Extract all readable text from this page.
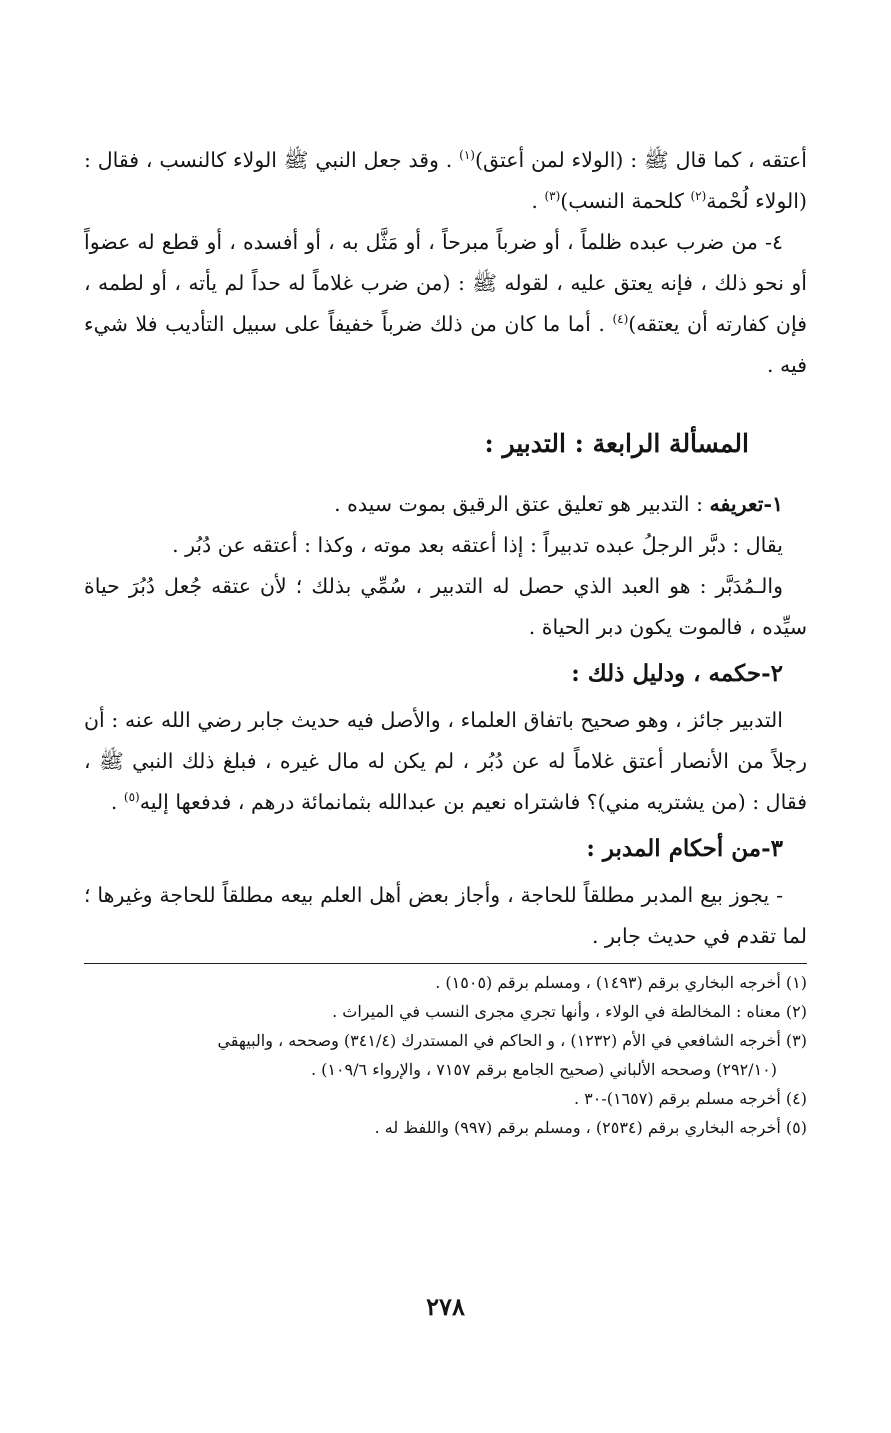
أعتقه ، كما قال ﷺ : (الولاء لمن أعتق)$^{(١)}$ . وقد جعل النبي ﷺ الولاء كالنسب ، فقال : (الولاء لُحْمة$^{(٢)}$ كلحمة النسب)$^{(٣)}$ .

٤- من ضرب عبده ظلماً ، أو ضرباً مبرحاً ، أو مَثَّل به ، أو أفسده ، أو قطع له عضواً أو نحو ذلك ، فإنه يعتق عليه ، لقوله ﷺ : (من ضرب غلاماً له حداً لم يأته ، أو لطمه ، فإن كفارته أن يعتقه)$^{(٤)}$ . أما ما كان من ذلك ضرباً خفيفاً على سبيل التأديب فلا شيء فيه .

المسألة الرابعة : التدبير :

١-تعريفه : التدبير هو تعليق عتق الرقيق بموت سيده .

يقال : دبَّر الرجلُ عبده تدبيراً : إذا أعتقه بعد موته ، وكذا : أعتقه عن دُبُر .

والـمُدَبَّر : هو العبد الذي حصل له التدبير ، سُمِّي بذلك ؛ لأن عتقه جُعل دُبُرَ حياة سيِّده ، فالموت يكون دبر الحياة .

٢-حكمه ، ودليل ذلك :

التدبير جائز ، وهو صحيح باتفاق العلماء ، والأصل فيه حديث جابر رضي الله عنه : أن رجلاً من الأنصار أعتق غلاماً له عن دُبُر ، لم يكن له مال غيره ، فبلغ ذلك النبي ﷺ ، فقال : (من يشتريه مني)؟ فاشتراه نعيم بن عبدالله بثمانمائة درهم ، فدفعها إليه$^{(٥)}$ .

٣-من أحكام المدبر :

- يجوز بيع المدبر مطلقاً للحاجة ، وأجاز بعض أهل العلم بيعه مطلقاً للحاجة وغيرها ؛ لما تقدم في حديث جابر .

(١) أخرجه البخاري برقم (١٤٩٣) ، ومسلم برقم (١٥٠٥) .

(٢) معناه : المخالطة في الولاء ، وأنها تجري مجرى النسب في الميراث .

(٣) أخرجه الشافعي في الأم (١٢٣٢) ، و الحاكم في المستدرك (٣٤١/٤) وصححه ، والبيهقي

(٢٩٢/١٠) وصححه الألباني (صحيح الجامع برقم ٧١٥٧ ، والإرواء ١٠٩/٦) .

(٤) أخرجه مسلم برقم (١٦٥٧)-٣٠ .

(٥) أخرجه البخاري برقم (٢٥٣٤) ، ومسلم برقم (٩٩٧) واللفظ له .

٢٧٨
